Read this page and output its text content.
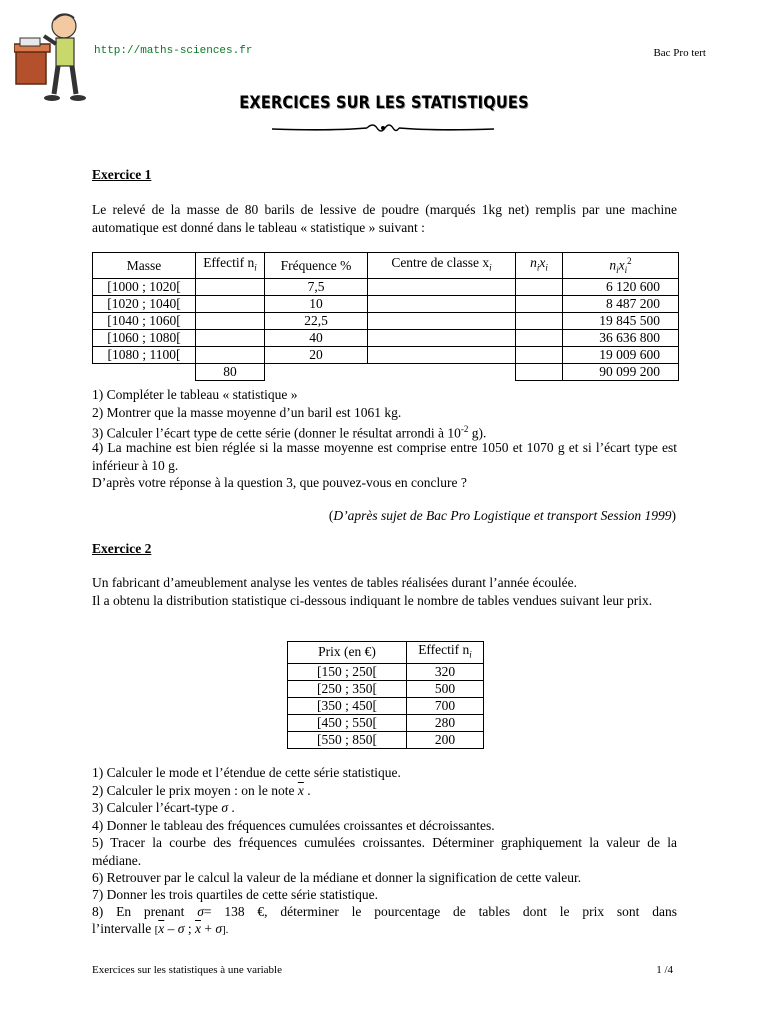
http://maths-sciences.fr	Bac Pro tert
EXERCICES SUR LES STATISTIQUES
Exercice 1
Le relevé de la masse de 80 barils de lessive de poudre (marqués 1kg net) remplis par une machine automatique est donné dans le tableau « statistique » suivant :
Masse	Effectif $n_i$	Fréquence %	Centre de classe $x_i$	$n_ix_i$	$n_ix_i^2$
[1000 ; 1020[		7,5			6 120 600
[1020 ; 1040[		10			8 487 200
[1040 ; 1060[		22,5			19 845 500
[1060 ; 1080[		40			36 636 800
[1080 ; 1100[		20			19 009 600
	80				90 099 200
1) Compléter le tableau « statistique »
2) Montrer que la masse moyenne d’un baril est 1061 kg.
3) Calculer l’écart type de cette série (donner le résultat arrondi à $10^{-2}$ g).
4) La machine est bien réglée si la masse moyenne est comprise entre 1050 et 1070 g et si l’écart type est inférieur à 10 g.
D’après votre réponse à la question 3, que pouvez-vous en conclure ?
(D’après sujet de Bac Pro Logistique et transport Session 1999)
Exercice 2
Un fabricant d’ameublement analyse les ventes de tables réalisées durant l’année écoulée.
Il a obtenu la distribution statistique ci-dessous indiquant le nombre de tables vendues suivant leur prix.
Prix (en €)	Effectif $n_i$
[150 ; 250[	320
[250 ; 350[	500
[350 ; 450[	700
[450 ; 550[	280
[550 ; 850[	200
1) Calculer le mode et l’étendue de cette série statistique.
2) Calculer le prix moyen : on le note $\overline{x}$ .
3) Calculer l’écart-type σ .
4) Donner le tableau des fréquences cumulées croissantes et décroissantes.
5) Tracer la courbe des fréquences cumulées croissantes. Déterminer graphiquement la valeur de la médiane.
6) Retrouver par le calcul la valeur de la médiane et donner la signification de cette valeur.
7) Donner les trois quartiles de cette série statistique.
8) En prenant σ= 138 €, déterminer le pourcentage de tables dont le prix sont dans
l’intervalle [$\overline{x}$ – σ ; $\overline{x} + \sigma$].
Exercices sur les statistiques à une variable	1 /4
